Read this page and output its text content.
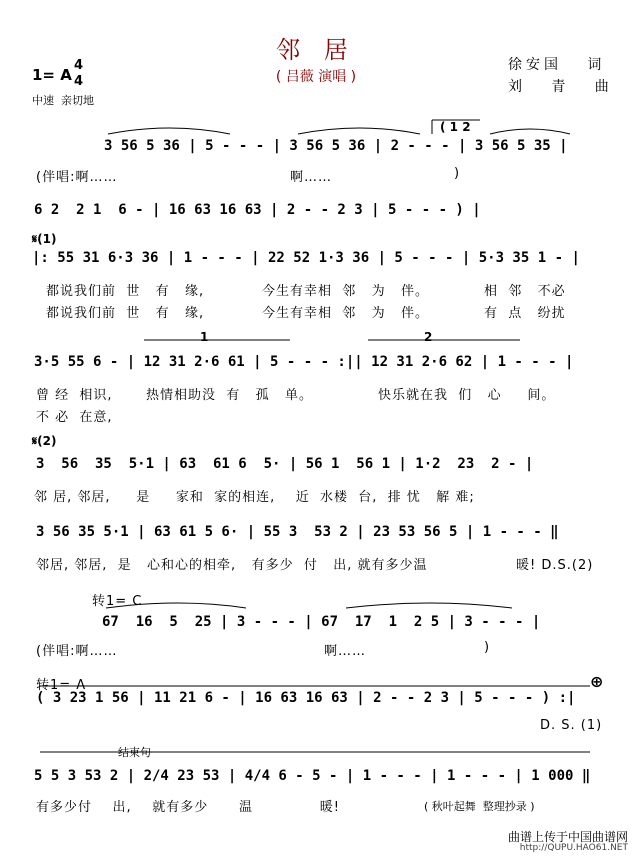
邻 居
( 吕薇 演唱 )
1= A
4
4
中速  亲切地
徐安国   词
刘   青   曲
( 1 2
3 56 5 36 | 5 - - - | 3 56 5 36 | 2 - - - | 3 56 5 35 |
(伴唱:啊……	啊……	)
6 2  2 1  6 - | 16 63 16 63 | 2 - - 2 3 | 5 - - - ) |
𝄋(1)
|: 55 31 6·3 36 | 1 - - - | 22 52 1·3 36 | 5 - - - | 5·3 35 1 - |
都说我们前  世   有   缘,	今生有幸相  邻   为   伴。	相  邻   不必
都说我们前  世   有   缘,	今生有幸相  邻   为   伴。	有  点   纷扰
1	2
3·5 55 6 - | 12 31 2·6 61 | 5 - - - :|| 12 31 2·6 62 | 1 - - - |
曾 经  相识,	热情相助没  有   孤   单。	快乐就在我  们   心     间。
不 必  在意,
𝄋(2)
3  56  35  5·1 | 63  61 6  5· | 56 1  56 1 | 1·2  23  2 - |
邻 居, 邻居,     是     家和  家的相连,    近  水楼  台,  排 忧   解 难;
3 56 35 5·1 | 63 61 5 6· | 55 3  53 2 | 23 53 56 5 | 1 - - - ‖
邻居, 邻居,  是   心和心的相牵,   有多少  付   出, 就有多少温	暖! D.S.(2)
转1= C
67  16  5  25 | 3 - - - | 67  17  1  2 5 | 3 - - - |
(伴唱:啊……	啊……	)
转1= A	⊕
( 3 23 1 56 | 11 21 6 - | 16 63 16 63 | 2 - - 2 3 | 5 - - - ) :|
D. S. (1)
结束句
5 5 3 53 2 | 2/4 23 53 | 4/4 6 - 5 - | 1 - - - | 1 - - - | 1 000 ‖
有多少付    出,    就有多少      温             暖!	( 秋叶起舞  整理抄录 )
曲谱上传于中国曲谱网
http://QUPU.HAO61.NET
